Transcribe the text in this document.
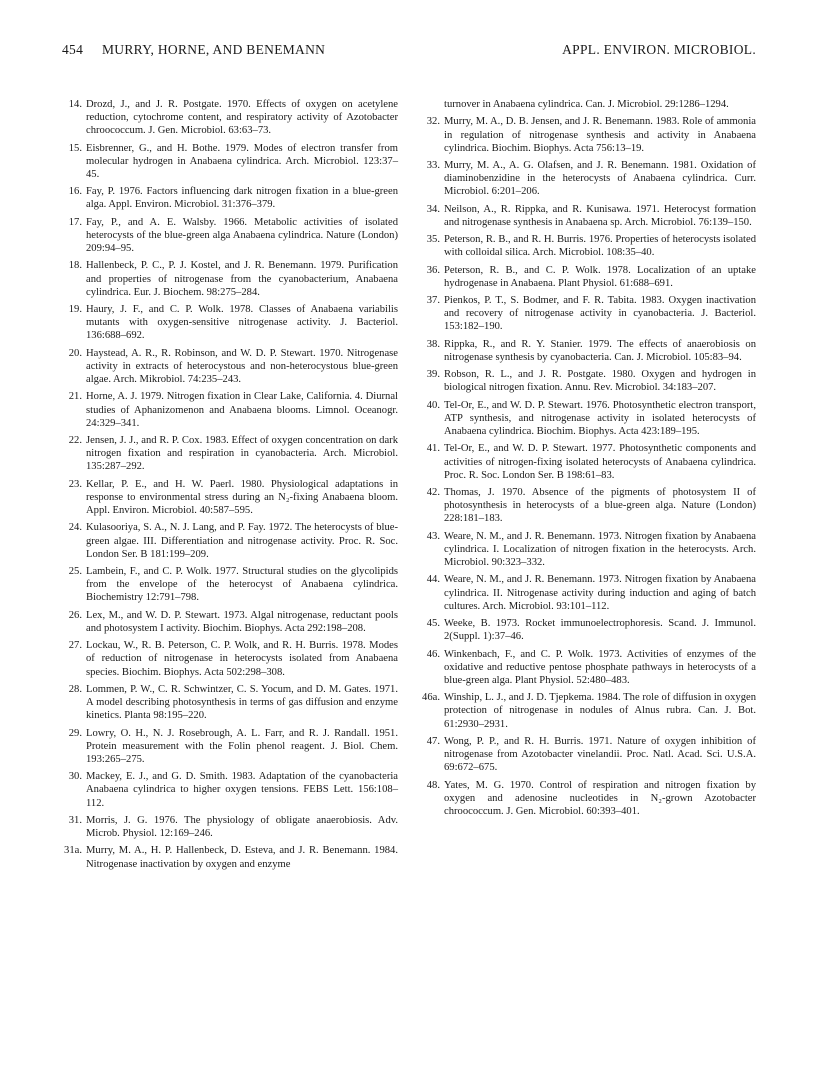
454 MURRY, HORNE, AND BENEMANN	APPL. ENVIRON. MICROBIOL.
14. Drozd, J., and J. R. Postgate. 1970. Effects of oxygen on acetylene reduction, cytochrome content, and respiratory activity of Azotobacter chroococcum. J. Gen. Microbiol. 63:63–73.
15. Eisbrenner, G., and H. Bothe. 1979. Modes of electron transfer from molecular hydrogen in Anabaena cylindrica. Arch. Microbiol. 123:37–45.
16. Fay, P. 1976. Factors influencing dark nitrogen fixation in a blue-green alga. Appl. Environ. Microbiol. 31:376–379.
17. Fay, P., and A. E. Walsby. 1966. Metabolic activities of isolated heterocysts of the blue-green alga Anabaena cylindrica. Nature (London) 209:94–95.
18. Hallenbeck, P. C., P. J. Kostel, and J. R. Benemann. 1979. Purification and properties of nitrogenase from the cyanobacterium, Anabaena cylindrica. Eur. J. Biochem. 98:275–284.
19. Haury, J. F., and C. P. Wolk. 1978. Classes of Anabaena variabilis mutants with oxygen-sensitive nitrogenase activity. J. Bacteriol. 136:688–692.
20. Haystead, A. R., R. Robinson, and W. D. P. Stewart. 1970. Nitrogenase activity in extracts of heterocystous and non-heterocystous blue-green algae. Arch. Mikrobiol. 74:235–243.
21. Horne, A. J. 1979. Nitrogen fixation in Clear Lake, California. 4. Diurnal studies of Aphanizomenon and Anabaena blooms. Limnol. Oceanogr. 24:329–341.
22. Jensen, J. J., and R. P. Cox. 1983. Effect of oxygen concentration on dark nitrogen fixation and respiration in cyanobacteria. Arch. Microbiol. 135:287–292.
23. Kellar, P. E., and H. W. Paerl. 1980. Physiological adaptations in response to environmental stress during an N₂-fixing Anabaena bloom. Appl. Environ. Microbiol. 40:587–595.
24. Kulasooriya, S. A., N. J. Lang, and P. Fay. 1972. The heterocysts of blue-green algae. III. Differentiation and nitrogenase activity. Proc. R. Soc. London Ser. B 181:199–209.
25. Lambein, F., and C. P. Wolk. 1977. Structural studies on the glycolipids from the envelope of the heterocyst of Anabaena cylindrica. Biochemistry 12:791–798.
26. Lex, M., and W. D. P. Stewart. 1973. Algal nitrogenase, reductant pools and photosystem I activity. Biochim. Biophys. Acta 292:198–208.
27. Lockau, W., R. B. Peterson, C. P. Wolk, and R. H. Burris. 1978. Modes of reduction of nitrogenase in heterocysts isolated from Anabaena species. Biochim. Biophys. Acta 502:298–308.
28. Lommen, P. W., C. R. Schwintzer, C. S. Yocum, and D. M. Gates. 1971. A model describing photosynthesis in terms of gas diffusion and enzyme kinetics. Planta 98:195–220.
29. Lowry, O. H., N. J. Rosebrough, A. L. Farr, and R. J. Randall. 1951. Protein measurement with the Folin phenol reagent. J. Biol. Chem. 193:265–275.
30. Mackey, E. J., and G. D. Smith. 1983. Adaptation of the cyanobacteria Anabaena cylindrica to higher oxygen tensions. FEBS Lett. 156:108–112.
31. Morris, J. G. 1976. The physiology of obligate anaerobiosis. Adv. Microb. Physiol. 12:169–246.
31a. Murry, M. A., H. P. Hallenbeck, D. Esteva, and J. R. Benemann. 1984. Nitrogenase inactivation by oxygen and enzyme
turnover in Anabaena cylindrica. Can. J. Microbiol. 29:1286–1294.
32. Murry, M. A., D. B. Jensen, and J. R. Benemann. 1983. Role of ammonia in regulation of nitrogenase synthesis and activity in Anabaena cylindrica. Biochim. Biophys. Acta 756:13–19.
33. Murry, M. A., A. G. Olafsen, and J. R. Benemann. 1981. Oxidation of diaminobenzidine in the heterocysts of Anabaena cylindrica. Curr. Microbiol. 6:201–206.
34. Neilson, A., R. Rippka, and R. Kunisawa. 1971. Heterocyst formation and nitrogenase synthesis in Anabaena sp. Arch. Microbiol. 76:139–150.
35. Peterson, R. B., and R. H. Burris. 1976. Properties of heterocysts isolated with colloidal silica. Arch. Microbiol. 108:35–40.
36. Peterson, R. B., and C. P. Wolk. 1978. Localization of an uptake hydrogenase in Anabaena. Plant Physiol. 61:688–691.
37. Pienkos, P. T., S. Bodmer, and F. R. Tabita. 1983. Oxygen inactivation and recovery of nitrogenase activity in cyanobacteria. J. Bacteriol. 153:182–190.
38. Rippka, R., and R. Y. Stanier. 1979. The effects of anaerobiosis on nitrogenase synthesis by cyanobacteria. Can. J. Microbiol. 105:83–94.
39. Robson, R. L., and J. R. Postgate. 1980. Oxygen and hydrogen in biological nitrogen fixation. Annu. Rev. Microbiol. 34:183–207.
40. Tel-Or, E., and W. D. P. Stewart. 1976. Photosynthetic electron transport, ATP synthesis, and nitrogenase activity in isolated heterocysts of Anabaena cylindrica. Biochim. Biophys. Acta 423:189–195.
41. Tel-Or, E., and W. D. P. Stewart. 1977. Photosynthetic components and activities of nitrogen-fixing isolated heterocysts of Anabaena cylindrica. Proc. R. Soc. London Ser. B 198:61–83.
42. Thomas, J. 1970. Absence of the pigments of photosystem II of photosynthesis in heterocysts of a blue-green alga. Nature (London) 228:181–183.
43. Weare, N. M., and J. R. Benemann. 1973. Nitrogen fixation by Anabaena cylindrica. I. Localization of nitrogen fixation in the heterocysts. Arch. Microbiol. 90:323–332.
44. Weare, N. M., and J. R. Benemann. 1973. Nitrogen fixation by Anabaena cylindrica. II. Nitrogenase activity during induction and aging of batch cultures. Arch. Microbiol. 93:101–112.
45. Weeke, B. 1973. Rocket immunoelectrophoresis. Scand. J. Immunol. 2(Suppl. 1):37–46.
46. Winkenbach, F., and C. P. Wolk. 1973. Activities of enzymes of the oxidative and reductive pentose phosphate pathways in heterocysts of a blue-green alga. Plant Physiol. 52:480–483.
46a. Winship, L. J., and J. D. Tjepkema. 1984. The role of diffusion in oxygen protection of nitrogenase in nodules of Alnus rubra. Can. J. Bot. 61:2930–2931.
47. Wong, P. P., and R. H. Burris. 1971. Nature of oxygen inhibition of nitrogenase from Azotobacter vinelandii. Proc. Natl. Acad. Sci. U.S.A. 69:672–675.
48. Yates, M. G. 1970. Control of respiration and nitrogen fixation by oxygen and adenosine nucleotides in N₂-grown Azotobacter chroococcum. J. Gen. Microbiol. 60:393–401.
